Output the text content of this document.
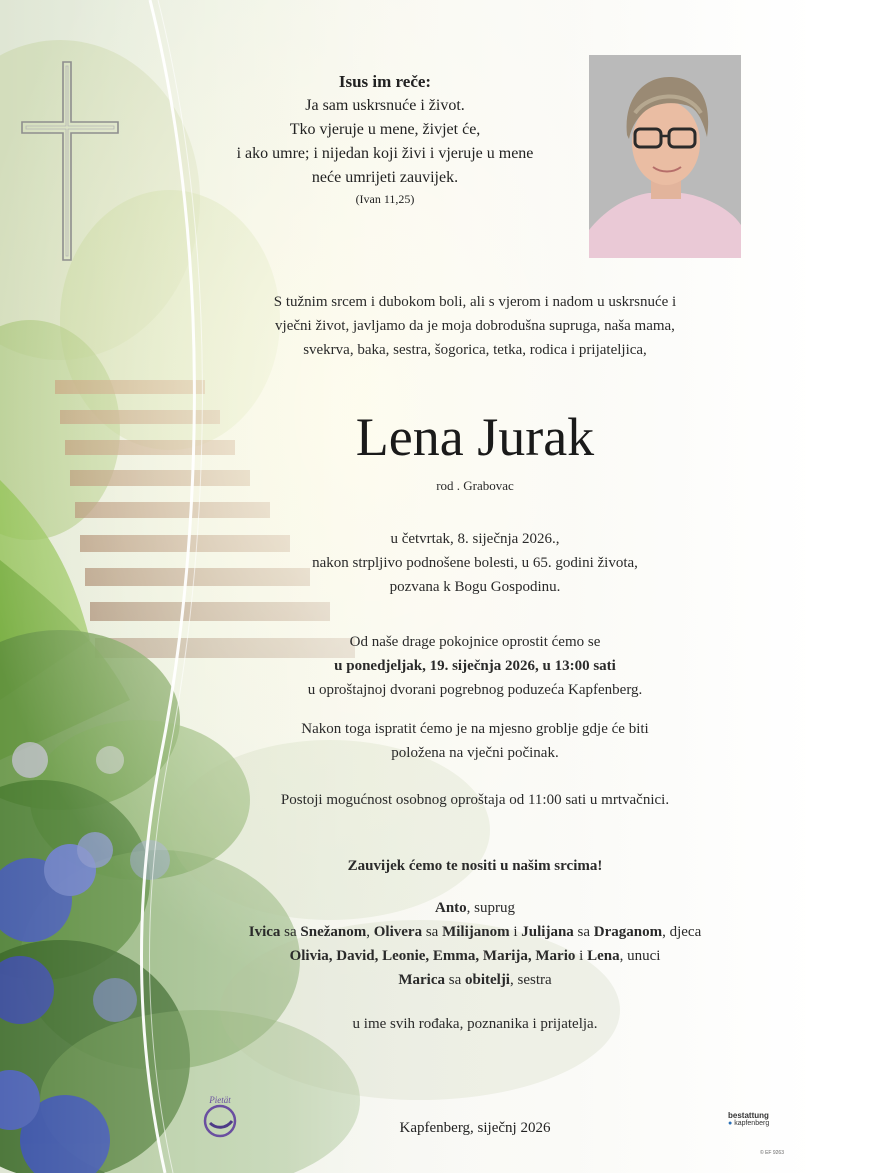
Isus im reče:
Ja sam uskrsnuće i život.
Tko vjeruje u mene, živjet će,
i ako umre; i nijedan koji živi i vjeruje u mene
neće umrijeti zauvijek.
(Ivan 11,25)
S tužnim srcem i dubokom boli, ali s vjerom i nadom u uskrsnuće i
vječni život, javljamo da je moja dobrodušna supruga, naša mama,
svekrva, baka, sestra, šogorica, tetka, rodica i prijateljica,
Lena Jurak
rod . Grabovac
u četvrtak, 8. siječnja 2026.,
nakon strpljivo podnošene bolesti, u 65. godini života,
pozvana k Bogu Gospodinu.
Od naše drage pokojnice oprostit ćemo se
u ponedjeljak, 19. siječnja 2026, u 13:00 sati
u oproštajnoj dvorani pogrebnog poduzeća Kapfenberg.
Nakon toga ispratit ćemo je na mjesno groblje gdje će biti
položena na vječni počinak.
Postoji mogućnost osobnog oproštaja od 11:00 sati u mrtvačnici.
Zauvijek ćemo te nositi u našim srcima!
Anto, suprug
Ivica sa Snežanom, Olivera sa Milijanom i Julijana sa Draganom, djeca
Olivia, David, Leonie, Emma, Marija, Mario i Lena, unuci
Marica sa obitelji, sestra
u ime svih rođaka, poznanika i prijatelja.
Kapfenberg, siječnj 2026
Pietät
bestattung
● kapfenberg
© EF 9263
